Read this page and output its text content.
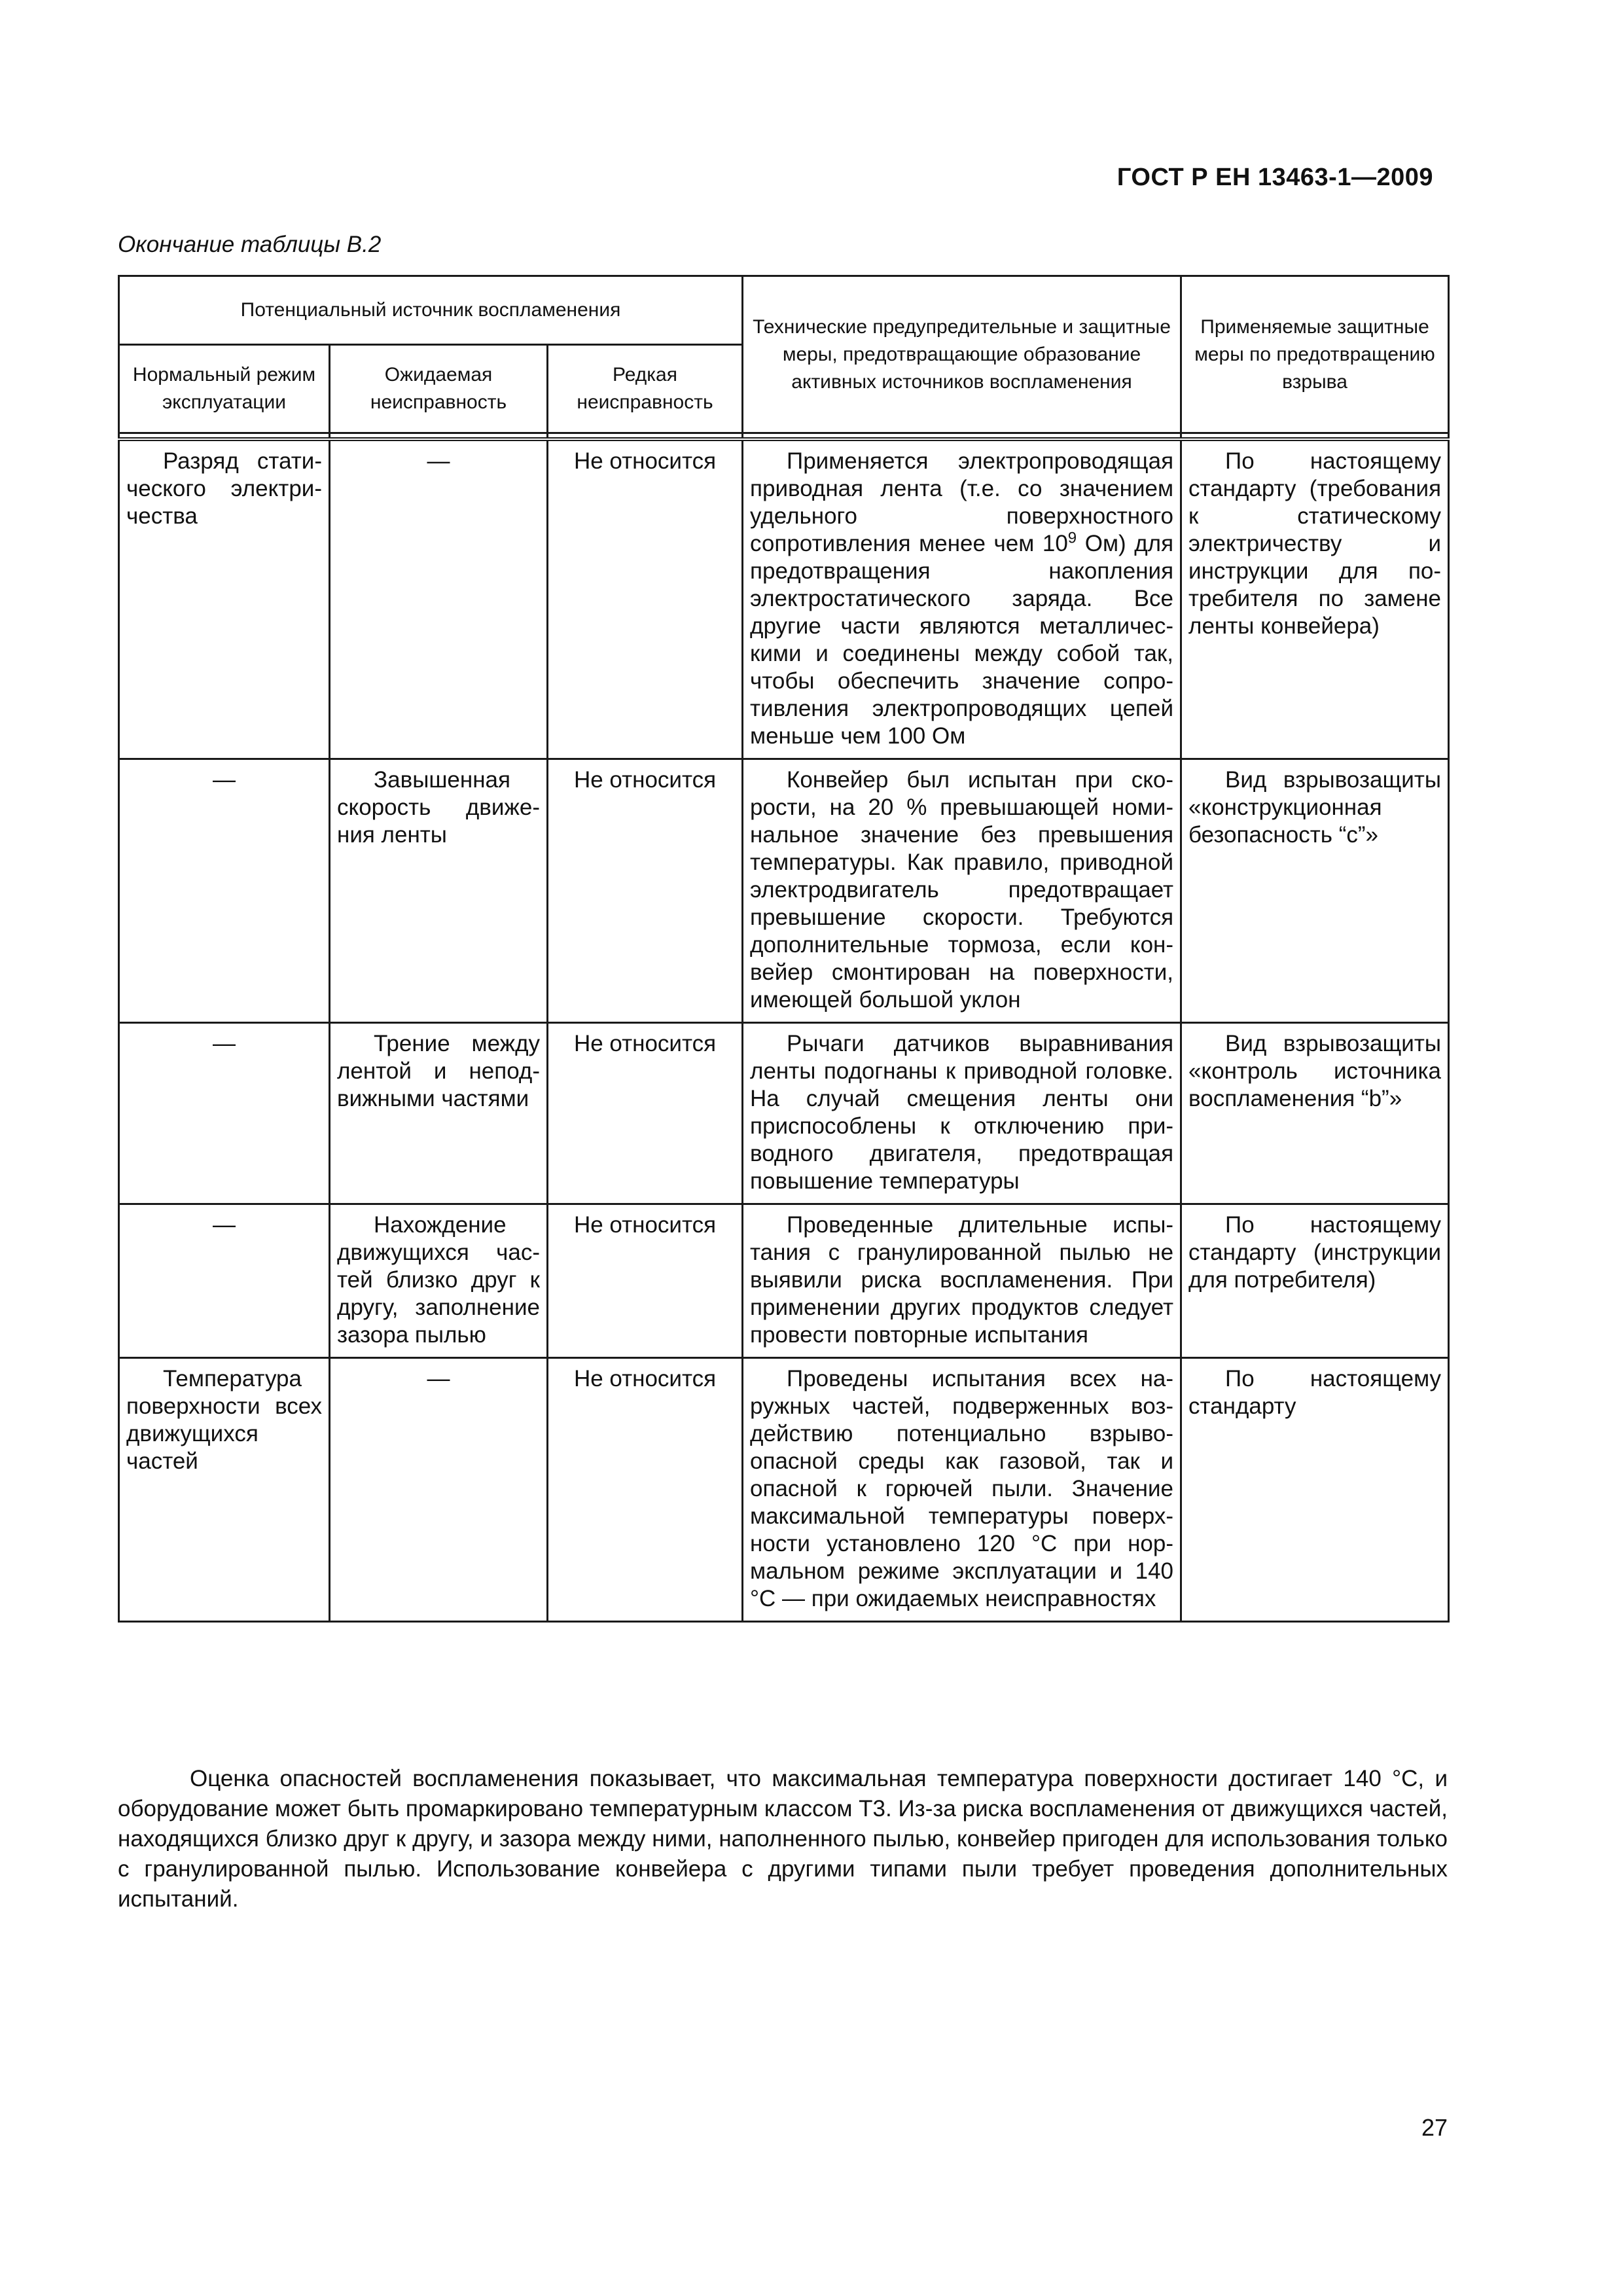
ГОСТ Р ЕН 13463-1—2009
Окончание таблицы В.2
Потенциальный источник воспламенения			Технические предупредительные и защитные меры, предотвращающие образование активных источников воспламенения	Применяемые защитные меры по предотвращению взрыва
Нормальный режим эксплуатации	Ожидаемая неисправность	Редкая неисправность		

Разряд статического электричества	—	Не относится	Применяется электропроводящая приводная лента (т.е. со значением удельного поверхностного сопротивления менее чем $10^9$ Ом) для предотвращения накопления электростатического заряда. Все другие части являются металлическими и соединены между собой так, чтобы обеспечить значение сопротивления электропроводящих цепей меньше чем 100 Ом	По настоящему стандарту (требования к статическому электричеству и инструкции для потребителя по замене ленты конвейера)
—	Завышенная скорость движения ленты	Не относится	Конвейер был испытан при скорости, на 20 % превышающей номинальное значение без превышения температуры. Как правило, приводной электродвигатель предотвращает превышение скорости. Требуются дополнительные тормоза, если конвейер смонтирован на поверхности, имеющей большой уклон	Вид взрывозащиты «конструкционная безопасность “с”»
—	Трение между лентой и неподвижными частями	Не относится	Рычаги датчиков выравнивания ленты подогнаны к приводной головке. На случай смещения ленты они приспособлены к отключению приводного двигателя, предотвращая повышение температуры	Вид взрывозащиты «контроль источника воспламенения “b”»
—	Нахождение движущихся частей близко друг к другу, заполнение зазора пылью	Не относится	Проведенные длительные испытания с гранулированной пылью не выявили риска воспламенения. При применении других продуктов следует провести повторные испытания	По настоящему стандарту (инструкции для потребителя)
Температура поверхности всех движущихся частей	—	Не относится	Проведены испытания всех наружных частей, подверженных воздействию потенциально взрывоопасной среды как газовой, так и опасной к горючей пыли. Значение максимальной температуры поверхности установлено 120 °С при нормальном режиме эксплуатации и 140 °С — при ожидаемых неисправностях	По настоящему стандарту

Оценка опасностей воспламенения показывает, что максимальная температура поверхности достигает 140 °С, и оборудование может быть промаркировано температурным классом Т3. Из-за риска воспламенения от движущихся частей, находящихся близко друг к другу, и зазора между ними, наполненного пылью, конвейер пригоден для использования только с гранулированной пылью. Использование конвейера с другими типами пыли требует проведения дополнительных испытаний.

27
